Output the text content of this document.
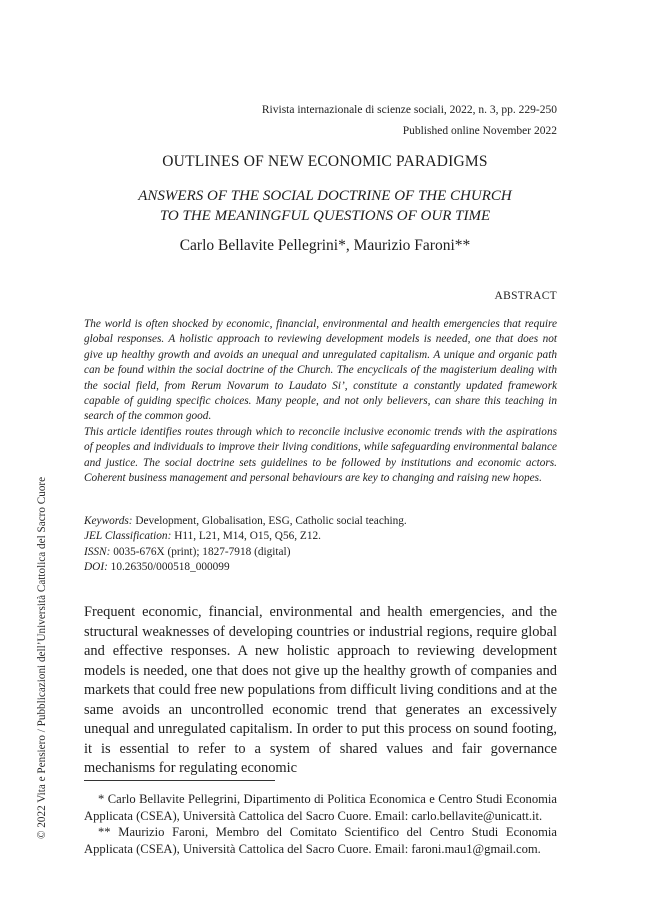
Rivista internazionale di scienze sociali, 2022, n. 3, pp. 229-250
Published online November 2022
OUTLINES OF NEW ECONOMIC PARADIGMS
ANSWERS OF THE SOCIAL DOCTRINE OF THE CHURCH
TO THE MEANINGFUL QUESTIONS OF OUR TIME
Carlo Bellavite Pellegrini*, Maurizio Faroni**
ABSTRACT

The world is often shocked by economic, financial, environmental and health emergencies that require global responses. A holistic approach to reviewing development models is needed, one that does not give up healthy growth and avoids an unequal and unregulated capitalism. A unique and organic path can be found within the social doctrine of the Church. The encyclicals of the magisterium dealing with the social field, from Rerum Novarum to Laudato Si’, constitute a constantly updated framework capable of guiding specific choices. Many people, and not only believers, can share this teaching in search of the common good.

This article identifies routes through which to reconcile inclusive economic trends with the aspirations of peoples and individuals to improve their living conditions, while safeguarding environmental balance and justice. The social doctrine sets guidelines to be followed by institutions and economic actors. Coherent business management and personal behaviours are key to changing and raising new hopes.

Keywords: Development, Globalisation, ESG, Catholic social teaching.
JEL Classification: H11, L21, M14, O15, Q56, Z12.
ISSN: 0035-676X (print); 1827-7918 (digital)
DOI: 10.26350/000518_000099

Frequent economic, financial, environmental and health emergencies, and the structural weaknesses of developing countries or industrial regions, require global and effective responses. A new holistic approach to reviewing development models is needed, one that does not give up the healthy growth of companies and markets that could free new populations from difficult living conditions and at the same avoids an uncontrolled economic trend that generates an excessively unequal and unregulated capitalism. In order to put this process on sound footing, it is essential to refer to a system of shared values and fair governance mechanisms for regulating economic

* Carlo Bellavite Pellegrini, Dipartimento di Politica Economica e Centro Studi Economia Applicata (CSEA), Università Cattolica del Sacro Cuore. Email: carlo.bellavite@unicatt.it.

** Maurizio Faroni, Membro del Comitato Scientifico del Centro Studi Economia Applicata (CSEA), Università Cattolica del Sacro Cuore. Email: faroni.mau1@gmail.com.

© 2022 Vita e Pensiero / Pubblicazioni dell’Università Cattolica del Sacro Cuore
